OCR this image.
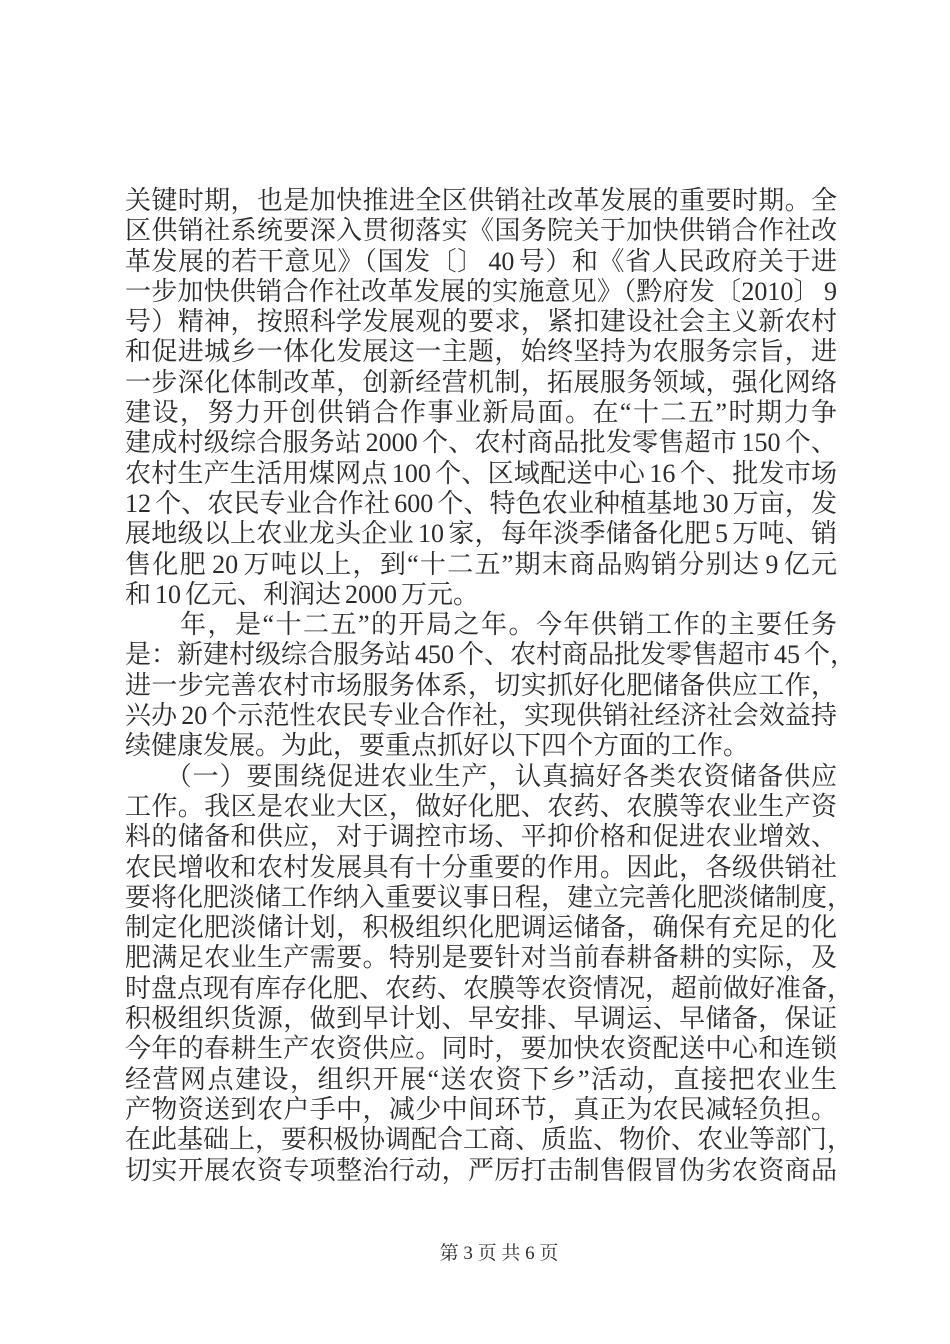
关键时期，也是加快推进全区供销社改革发展的重要时期。全
区供销社系统要深入贯彻落实《国务院关于加快供销合作社改
革发展的若干意见》（国发〔〕 40 号）和《省人民政府关于进
一步加快供销合作社改革发展的实施意见》（黔府发〔2010〕 9
号）精神，按照科学发展观的要求，紧扣建设社会主义新农村
和促进城乡一体化发展这一主题，始终坚持为农服务宗旨，进
一步深化体制改革，创新经营机制，拓展服务领域，强化网络
建设，努力开创供销合作事业新局面。在“十二五”时期力争
建成村级综合服务站 2000 个、农村商品批发零售超市 150 个、
农村生产生活用煤网点 100 个、区域配送中心 16 个、批发市场
12 个、农民专业合作社 600 个、特色农业种植基地 30 万亩，发
展地级以上农业龙头企业 10 家，每年淡季储备化肥 5 万吨、销
售化肥 20 万吨以上，到“十二五”期末商品购销分别达 9 亿元
和 10 亿元、利润达 2000 万元。
　　年，是“十二五”的开局之年。今年供销工作的主要任务
是：新建村级综合服务站 450 个、农村商品批发零售超市 45 个，
进一步完善农村市场服务体系，切实抓好化肥储备供应工作，
兴办 20 个示范性农民专业合作社，实现供销社经济社会效益持
续健康发展。为此，要重点抓好以下四个方面的工作。
　　（一）要围绕促进农业生产，认真搞好各类农资储备供应
工作。我区是农业大区，做好化肥、农药、农膜等农业生产资
料的储备和供应，对于调控市场、平抑价格和促进农业增效、
农民增收和农村发展具有十分重要的作用。因此，各级供销社
要将化肥淡储工作纳入重要议事日程，建立完善化肥淡储制度，
制定化肥淡储计划，积极组织化肥调运储备，确保有充足的化
肥满足农业生产需要。特别是要针对当前春耕备耕的实际，及
时盘点现有库存化肥、农药、农膜等农资情况，超前做好准备，
积极组织货源，做到早计划、早安排、早调运、早储备，保证
今年的春耕生产农资供应。同时，要加快农资配送中心和连锁
经营网点建设，组织开展“送农资下乡”活动，直接把农业生
产物资送到农户手中，减少中间环节，真正为农民减轻负担。
在此基础上，要积极协调配合工商、质监、物价、农业等部门，
切实开展农资专项整治行动，严厉打击制售假冒伪劣农资商品
第 3 页 共 6 页
